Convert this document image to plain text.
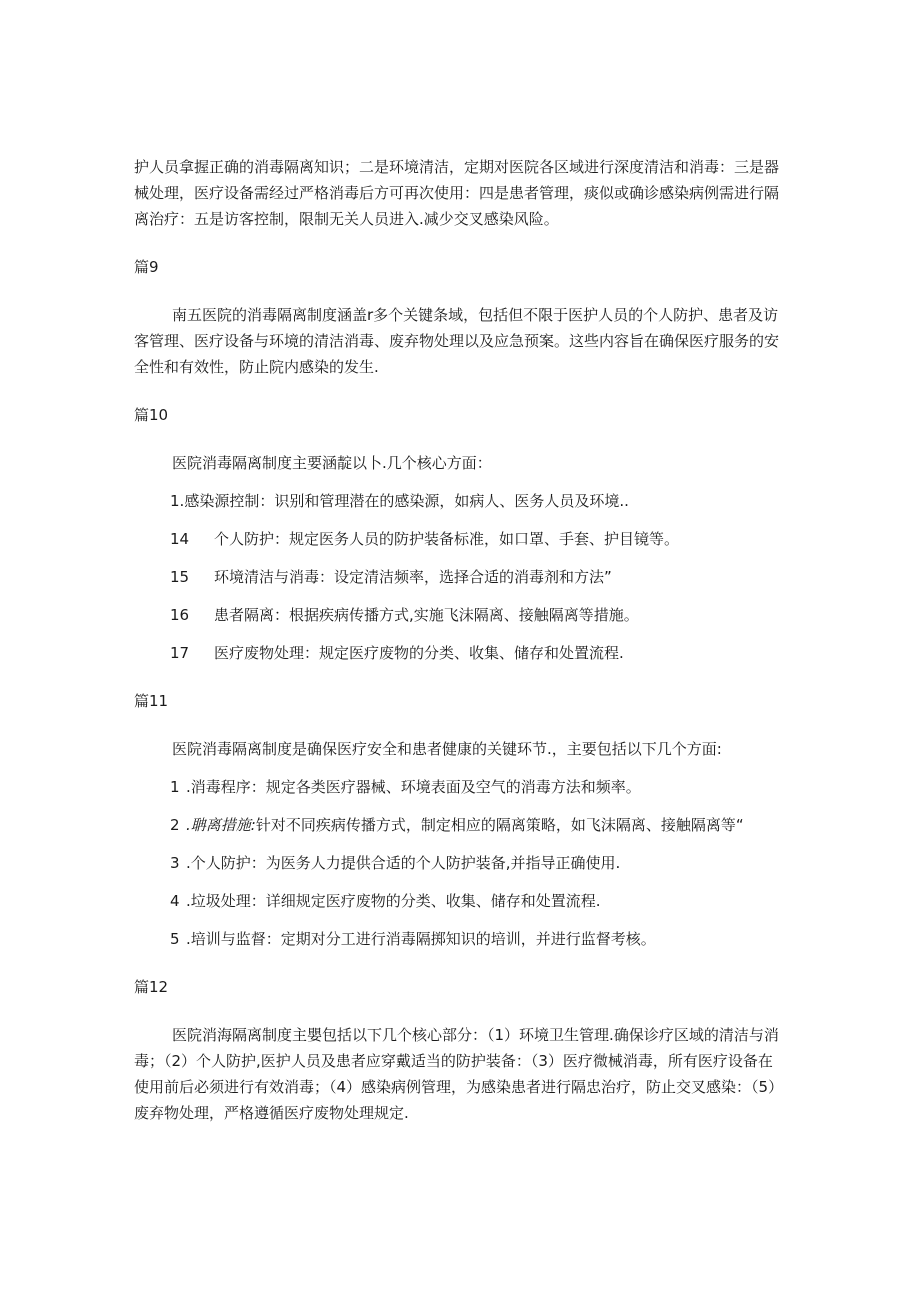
护人员拿握正确的消毒隔离知识；二是环境清洁，定期对医院各区域进行深度清洁和消毒：三是器械处理，医疗设备需经过严格消毒后方可再次使用：四是患者管理，痰似或确诊感染病例需进行隔离治疗：五是访客控制，限制无关人员进入.减少交叉感染风险。

篇9

南五医院的消毒隔离制度涵盖r多个关键条域，包括但不限于医护人员的个人防护、患者及访客管理、医疗设备与环境的清洁消毒、废弃物处理以及应急预案。这些内容旨在确保医疗服务的安全性和有效性，防止院内感染的发生.

篇10

医院消毒隔离制度主要涵靛以卜.几个核心方面：

1.感染源控制：识别和管理潜在的感染源，如病人、医务人员及环境..

14 个人防护：规定医务人员的防护装备标准，如口罩、手套、护目镜等。

15 环境清洁与消毒：设定清洁频率，选择合适的消毒剂和方法”

16 患者隔离：根据疾病传播方式,实施飞沫隔离、接触隔离等措施。

17 医疗废物处理：规定医疗废物的分类、收集、储存和处置流程.

篇11

医院消毒隔离制度是确保医疗安全和患者健康的关键环节.，主要包括以下几个方面:

1 .消毒程序：规定各类医疗器械、环境表面及空气的消毒方法和频率。

2 .聃离措施:针对不同疾病传播方式，制定相应的隔离策略，如飞沫隔离、接触隔离等“

3 .个人防护：为医务人力提供合适的个人防护装备,并指导正确使用.

4 .垃圾处理：详细规定医疗废物的分类、收集、储存和处置流程.

5 .培训与监督：定期对分工进行消毒隔掷知识的培训，并进行监督考核。

篇12

医院消海隔离制度主嬰包括以下几个核心部分：（1）环境卫生管理.确保诊疗区域的清洁与消毒；（2）个人防护,医护人员及患者应穿戴适当的防护装备：（3）医疗微械消毒，所有医疗设备在使用前后必须进行有效消毒；（4）感染病例管理，为感染患者进行隔忠治疗，防止交叉感染：（5）废弃物处理，严格遵循医疗废物处理规定.
